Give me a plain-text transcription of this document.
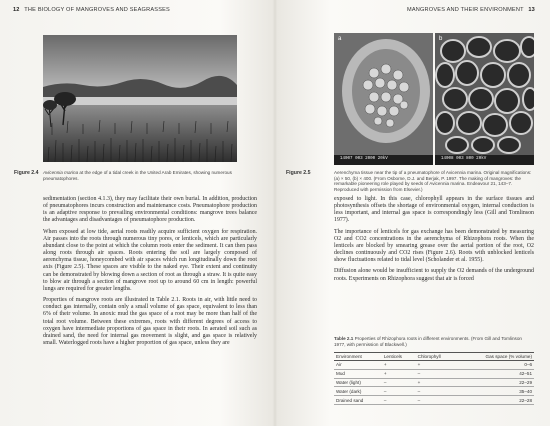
12 THE BIOLOGY OF MANGROVES AND SEAGRASSES
Figure 2.4 Avicennia marina at the edge of a tidal creek in the United Arab Emirates, showing numerous pneumatophores.

sedimentation (section 4.1.3), they may facilitate their own burial. In addition, production of pneumatophores incurs construction and maintenance costs. Pneumatophore production is an adaptive response to prevailing environmental conditions: mangrove trees balance the advantages and disadvantages of pneumatophore production.

When exposed at low tide, aerial roots readily acquire sufficient oxygen for respiration. Air passes into the roots through numerous tiny pores, or lenticels, which are particularly abundant close to the point at which the column roots enter the sediment. It can then pass along roots through air spaces. Roots entering the soil are largely composed of aerenchyma tissue, honeycombed with air spaces which run longitudinally down the root axis (Figure 2.5). These spaces are visible to the naked eye. Their extent and continuity can be demonstrated by blowing down a section of root as through a straw. It is quite easy to blow air through a section of mangrove root up to around 60 cm in length: powerful lungs are required for greater lengths.

Properties of mangrove roots are illustrated in Table 2.1. Roots in air, with little need to conduct gas internally, contain only a small volume of gas space, equivalent to less than 6% of their volume. In anoxic mud the gas space of a root may be more than half of the total root volume. Between these extremes, roots with different degrees of access to oxygen have intermediate proportions of gas space in their roots. In aerated soil such as drained sand, the need for internal gas movement is slight, and gas space is relatively small. Waterlogged roots have a higher proportion of gas space, unless they are

MANGROVES AND THEIR ENVIRONMENT 13
a
14007 003 2000 20kV
b
14008 003 800 20kV
Figure 2.5	Aerenchyma tissue near the tip of a pneumatophore of Avicennia marina. Original magnifications: (a) × 50, (b) × 400. (From Osborne, D.J. and Berjak, P. 1997. The making of mangroves: the remarkable pioneering role played by seeds of Avicennia marina. Endeavour 21, 143–7. Reproduced with permission from Elsevier.)

exposed to light. In this case, chlorophyll appears in the surface tissues and photosynthesis offsets the shortage of environmental oxygen, internal conduction is less important, and internal gas space is correspondingly less (Gill and Tomlinson 1977).

The importance of lenticels for gas exchange has been demonstrated by measuring O2 and CO2 concentrations in the aerenchyma of Rhizophora roots. When the lenticels are blocked by smearing grease over the aerial portion of the root, O2 declines continuously and CO2 rises (Figure 2.6). Roots with unblocked lenticels show fluctuations related to tidal level (Scholander et al. 1955).

Diffusion alone would be insufficient to supply the O2 demands of the underground roots. Experiments on Rhizophora suggest that air is forced

Table 2.1 Properties of Rhizophora roots in different environments. (From Gill and Tomlinson 1977, with permission of Blackwell.)
Environment	Lenticels	Chlorophyll	Gas space (% volume)
Air	+	+	0–6
Mud	+	–	42–51
Water (light)	–	+	22–29
Water (dark)	–	–	35–40
Drained sand	–	–	22–28
